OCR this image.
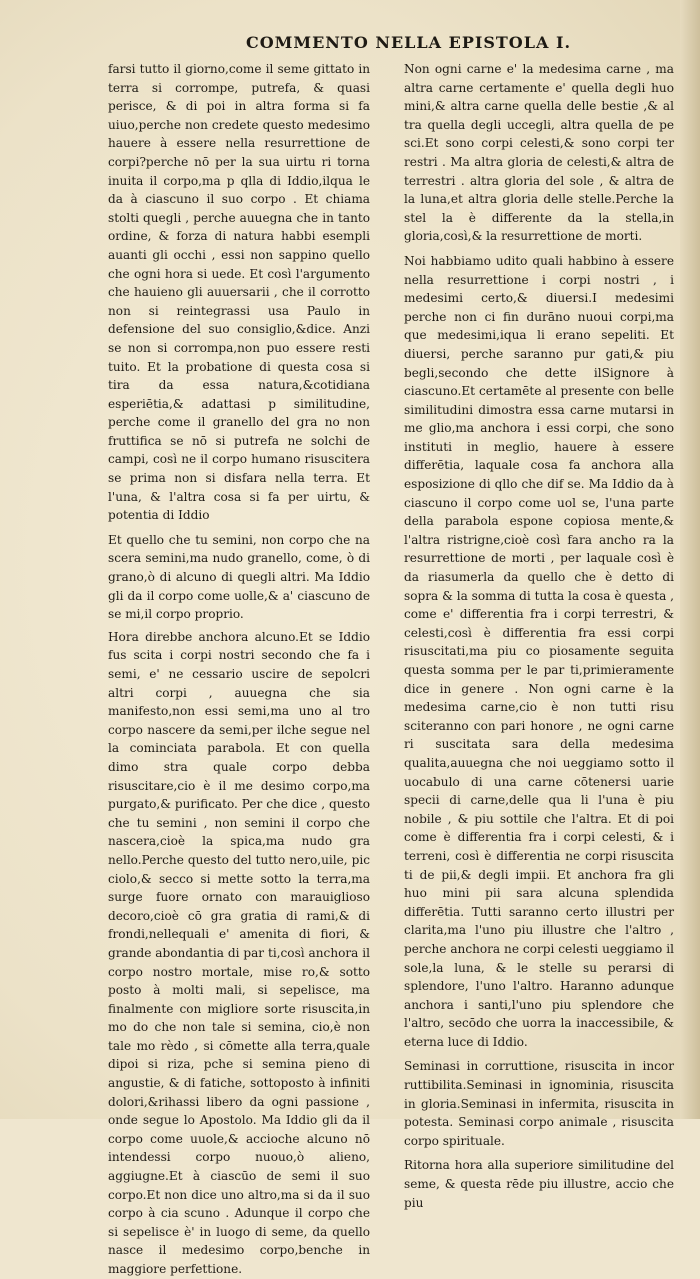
COMMENTO NELLA EPISTOLA I.

farsi tutto il giorno,come il seme gittato in terra si corrompe, putrefa, & quasi perisce, & di poi in altra forma si fa uiuo,perche non credete questo medesimo hauere à essere nella resurrettione de corpi?perche nō per la sua uirtu ri torna inuita il corpo,ma p qlla di Iddio,ilqua le da à ciascuno il suo corpo . Et chiama stolti quegli , perche auuegna che in tanto ordine, & forza di natura habbi esempli auanti gli occhi , essi non sappino quello che ogni hora si uede. Et così l'argumento che hauieno gli auuersarii , che il corrotto non si reintegrassi usa Paulo in defensione del suo consiglio,&dice. Anzi se non si corrompa,non puo essere resti tuito. Et la probatione di questa cosa si tira da essa natura,&cotidiana esperiētia,& adattasi p similitudine, perche come il granello del gra no non fruttifica se nō si putrefa ne solchi de campi, così ne il corpo humano risuscitera se prima non si disfara nella terra. Et l'una, & l'altra cosa si fa per uirtu, & potentia di Iddio

Et quello che tu semini, non corpo che na scera semini,ma nudo granello, come, ò di grano,ò di alcuno di quegli altri. Ma Iddio gli da il corpo come uolle,& a' ciascuno de se mi,il corpo proprio.

Hora direbbe anchora alcuno.Et se Iddio fus scita i corpi nostri secondo che fa i semi, e' ne cessario uscire de sepolcri altri corpi , auuegna che sia manifesto,non essi semi,ma uno al tro corpo nascere da semi,per ilche segue nel la cominciata parabola. Et con quella dimo stra quale corpo debba risuscitare,cio è il me desimo corpo,ma purgato,& purificato. Per che dice , questo che tu semini , non semini il corpo che nascera,cioè la spica,ma nudo gra nello.Perche questo del tutto nero,uile, pic ciolo,& secco si mette sotto la terra,ma surge fuore ornato con marauiglioso decoro,cioè cō gra gratia di rami,& di frondi,nellequali e' amenita di fiori, & grande abondantia di par ti,così anchora il corpo nostro mortale, mise ro,& sotto posto à molti mali, si sepelisce, ma finalmente con migliore sorte risuscita,in mo do che non tale si semina, cio,è non tale mo rèdo , si cōmette alla terra,quale dipoi si riza, pche si semina pieno di angustie, & di fatiche, sottoposto à infiniti dolori,&rihassi libero da ogni passione , onde segue lo Apostolo. Ma Iddio gli da il corpo come uuole,& accioche alcuno nō intendessi corpo nuouo,ò alieno, aggiugne.Et à ciascūo de semi il suo corpo.Et non dice uno altro,ma si da il suo corpo à cia scuno . Adunque il corpo che si sepelisce è' in luogo di seme, da quello nasce il medesimo corpo,benche in maggiore perfettione.

Non ogni carne e' la medesima carne , ma altra carne certamente e' quella degli huo mini,& altra carne quella delle bestie ,& al tra quella degli uccegli, altra quella de pe sci.Et sono corpi celesti,& sono corpi ter restri . Ma altra gloria de celesti,& altra de terrestri . altra gloria del sole , & altra de la luna,et altra gloria delle stelle.Perche la stel la è differente da la stella,in gloria,così,& la resurrettione de morti.

Noi habbiamo udito quali habbino à essere nella resurrettione i corpi nostri , i medesimi certo,& diuersi.I medesimi perche non ci fin durāno nuoui corpi,ma que medesimi,iqua li erano sepeliti. Et diuersi, perche saranno pur gati,& piu begli,secondo che dette ilSignore à ciascuno.Et certamēte al presente con belle similitudini dimostra essa carne mutarsi in me glio,ma anchora i essi corpi, che sono instituti in meglio, hauere à essere differētia, laquale cosa fa anchora alla esposizione di qllo che dif se. Ma Iddio da à ciascuno il corpo come uol se, l'una parte della parabola espone copiosa mente,& l'altra ristrigne,cioè così fara ancho ra la resurrettione de morti , per laquale così è da riasumerla da quello che è detto di sopra & la somma di tutta la cosa è questa , come e' differentia fra i corpi terrestri, & celesti,così è differentia fra essi corpi risuscitati,ma piu co piosamente seguita questa somma per le par ti,primieramente dice in genere . Non ogni carne è la medesima carne,cio è non tutti risu sciteranno con pari honore , ne ogni carne ri suscitata sara della medesima qualita,auuegna che noi ueggiamo sotto il uocabulo di una carne cōtenersi uarie specii di carne,delle qua li l'una è piu nobile , & piu sottile che l'altra. Et di poi come è differentia fra i corpi celesti, & i terreni, così è differentia ne corpi risuscita ti de pii,& degli impii. Et anchora fra gli huo mini pii sara alcuna splendida differētia. Tutti saranno certo illustri per clarita,ma l'uno piu illustre che l'altro , perche anchora ne corpi celesti ueggiamo il sole,la luna, & le stelle su perarsi di splendore, l'uno l'altro. Haranno adunque anchora i santi,l'uno piu splendore che l'altro, secōdo che uorra la inaccessibile, & eterna luce di Iddio.

Seminasi in corruttione, risuscita in incor ruttibilita.Seminasi in ignominia, risuscita in gloria.Seminasi in infermita, risuscita in potesta. Seminasi corpo animale , risuscita corpo spirituale.

Ritorna hora alla superiore similitudine del seme, & questa rēde piu illustre, accio che piu
